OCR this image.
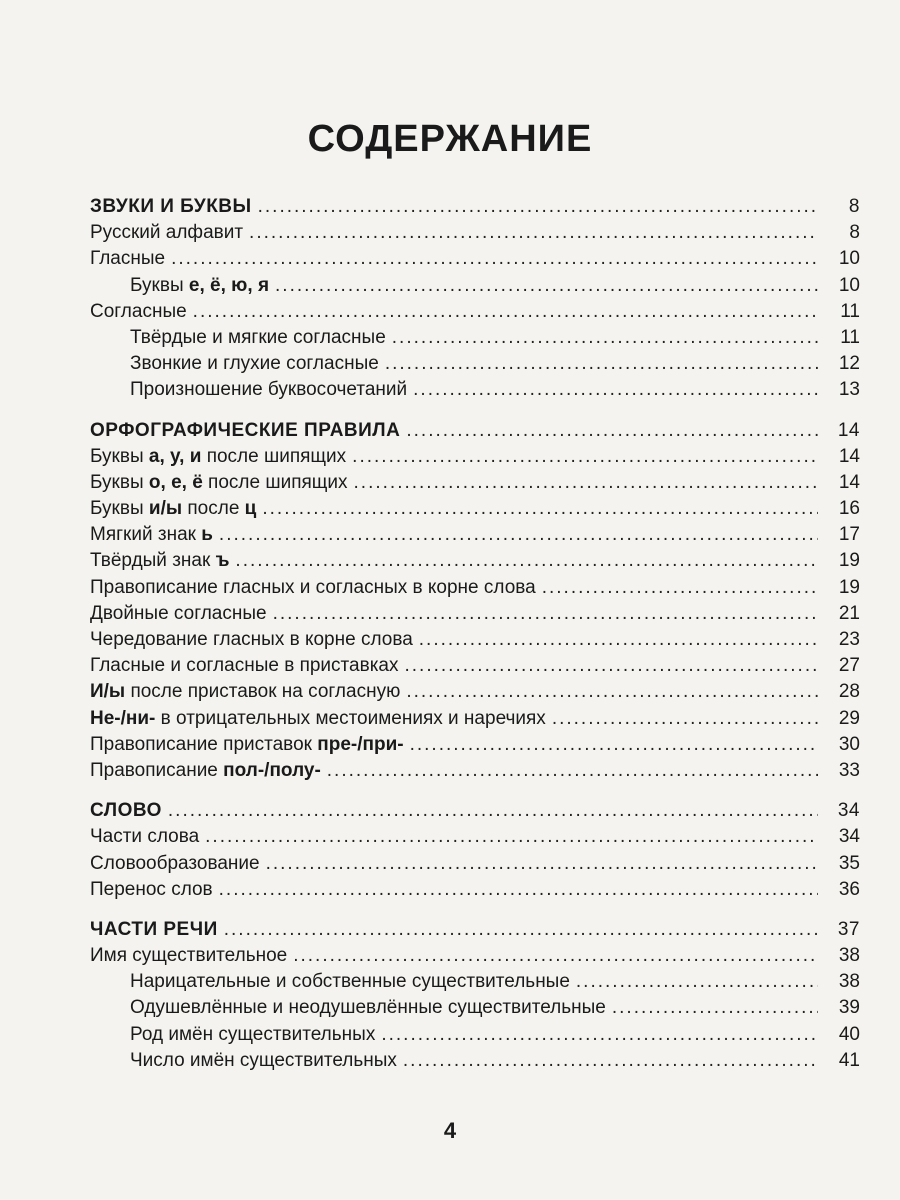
СОДЕРЖАНИЕ
ЗВУКИ И БУКВЫ .....	8
Русский алфавит .....	8
Гласные .....	10
Буквы е, ё, ю, я .....	10
Согласные .....	11
Твёрдые и мягкие согласные .....	11
Звонкие и глухие согласные .....	12
Произношение буквосочетаний .....	13
ОРФОГРАФИЧЕСКИЕ ПРАВИЛА .....	14
Буквы а, у, и после шипящих .....	14
Буквы о, е, ё после шипящих .....	14
Буквы и/ы после ц .....	16
Мягкий знак ь .....	17
Твёрдый знак ъ .....	19
Правописание гласных и согласных в корне слова .....	19
Двойные согласные .....	21
Чередование гласных в корне слова .....	23
Гласные и согласные в приставках .....	27
И/ы после приставок на согласную .....	28
Не-/ни- в отрицательных местоимениях и наречиях .....	29
Правописание приставок пре-/при- .....	30
Правописание пол-/полу- .....	33
СЛОВО .....	34
Части слова .....	34
Словообразование .....	35
Перенос слов .....	36
ЧАСТИ РЕЧИ .....	37
Имя существительное .....	38
Нарицательные и собственные существительные .....	38
Одушевлённые и неодушевлённые существительные .....	39
Род имён существительных .....	40
Число имён существительных .....	41
4
